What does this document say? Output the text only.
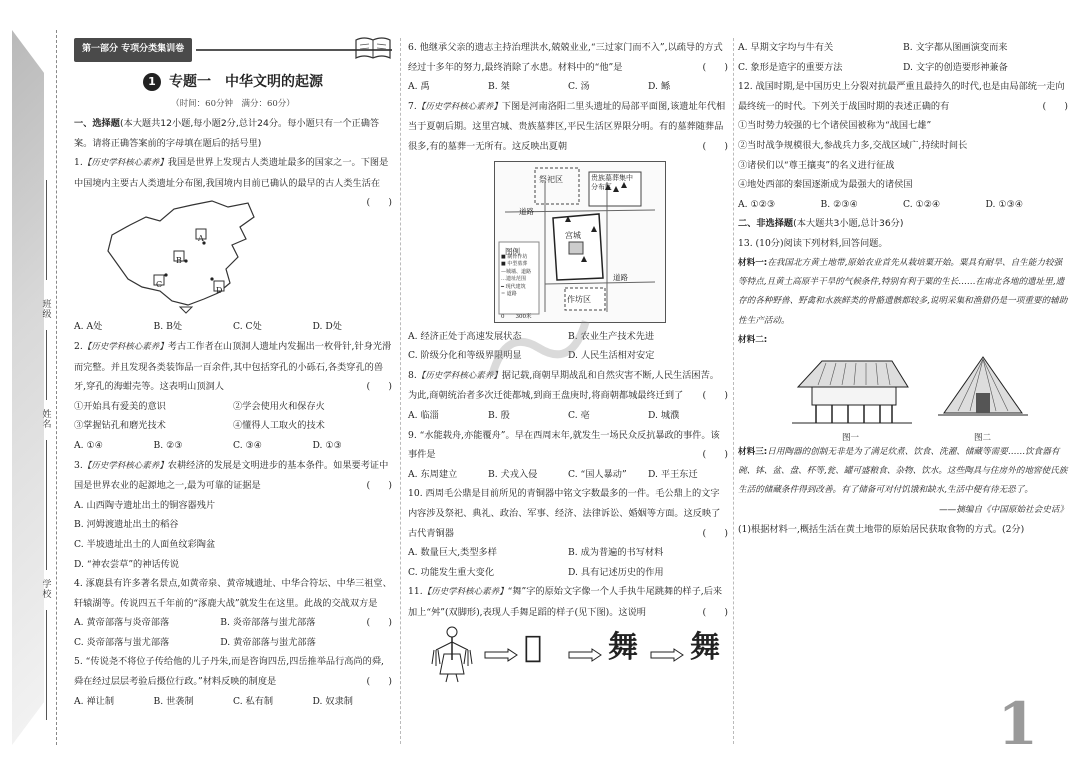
班级
姓名
学校
第一部分 专项分类集训卷
1 专题一　中华文明的起源
（时间：60分钟　满分：60分）

一、选择题(本大题共12小题,每小题2分,总计24分。每小题只有一个正确答案。请将正确答案前的字母填在题后的括号里)

1.【历史学科核心素养】我国是世界上发现古人类遗址最多的国家之一。下图是中国境内主要古人类遗址分布图,我国境内目前已确认的最早的古人类生活在
(　　)

A
B
C
D
A. A处	B. B处	C. C处	D. D处

2.【历史学科核心素养】考古工作者在山顶洞人遗址内发掘出一枚骨针,针身光滑而完整。并且发现各类装饰品一百余件,其中包括穿孔的小砾石,各类穿孔的兽牙,穿孔的海蚶壳等。这表明山顶洞人	(　　)

①开始具有爱美的意识	②学会使用火和保存火
③掌握钻孔和磨光技术	④懂得人工取火的技术
A. ①④	B. ②③	C. ③④	D. ①③

3.【历史学科核心素养】农耕经济的发展是文明进步的基本条件。如果要考证中国是世界农业的起源地之一,最为可靠的证据是	(　　)

A. 山西陶寺遗址出土的铜容器残片

B. 河姆渡遗址出土的稻谷

C. 半坡遗址出土的人面鱼纹彩陶盆

D. “神农尝草”的神话传说

4. 涿鹿县有许多著名景点,如黄帝泉、黄帝城遗址、中华合符坛、中华三祖堂、轩辕湖等。传说四五千年前的“涿鹿大战”就发生在这里。此战的交战双方是
(　　)

A. 黄帝部落与炎帝部落	B. 炎帝部落与蚩尤部落
C. 炎帝部落与蚩尤部落	D. 黄帝部落与蚩尤部落

5. “传说尧不将位子传给他的儿子丹朱,而是咨询四岳,四岳推举品行高尚的舜,舜在经过层层考验后摄位行政。”材料反映的制度是	(　　)

A. 禅让制	B. 世袭制	C. 私有制	D. 奴隶制

6. 他继承父亲的遗志主持治理洪水,兢兢业业,“三过家门而不入”,以疏导的方式经过十多年的努力,最终消除了水患。材料中的“他”是	(　　)

A. 禹	B. 桀	C. 汤	D. 鲧

7.【历史学科核心素养】下图是河南洛阳二里头遗址的局部平面图,该遗址年代相当于夏朝后期。这里宫城、贵族墓葬区,平民生活区界限分明。有的墓葬随葬品很多,有的墓葬一无所有。这反映出夏朝	(　　)

祭祀区	贵族墓葬集中分布区
道路
宫城
道路
作坊区
图例
■ 制骨作坊
■ 中型墓葬
—城墙、道路
…遗址范围
━ 现代建筑
= 道路
0　　300米
A. 经济正处于高速发展状态	B. 农业生产技术先进
C. 阶级分化和等级界限明显	D. 人民生活相对安定

8.【历史学科核心素养】据记载,商朝早期战乱和自然灾害不断,人民生活困苦。为此,商朝统治者多次迁徙都城,到商王盘庚时,将商朝都城最终迁到了 (　　)

A. 临淄	B. 殷	C. 亳	D. 城濮

9. “水能载舟,亦能覆舟”。早在西周末年,就发生一场民众反抗暴政的事件。该事件是	(　　)

A. 东周建立	B. 犬戎入侵	C. “国人暴动”	D. 平王东迁

10. 西周毛公鼎是目前所见的青铜器中铭文字数最多的一件。毛公鼎上的文字内容涉及祭祀、典礼、政治、军事、经济、法律诉讼、婚姻等方面。这反映了古代青铜器	(　　)

A. 数量巨大,类型多样	B. 成为普遍的书写材料
C. 功能发生重大变化	D. 具有记述历史的作用

11.【历史学科核心素养】“舞”字的原始文字像一个人手执牛尾跳舞的样子,后来加上“舛”(双脚形),表现人手舞足蹈的样子(见下图)。这说明	(　　)

𣠮 舞 舞
A. 早期文字均与牛有关	B. 文字都从图画演变而来
C. 象形是造字的重要方法	D. 文字的创造要形神兼备

12. 战国时期,是中国历史上分裂对抗最严重且最持久的时代,也是由局部统一走向最终统一的时代。下列关于战国时期的表述正确的有	(　　)

①当时势力较强的七个诸侯国被称为“战国七雄”

②当时战争规模很大,参战兵力多,交战区域广,持续时间长

③诸侯们以“尊王攘夷”的名义进行征战

④地处西部的秦国逐渐成为最强大的诸侯国

A. ①②③	B. ②③④	C. ①②④	D. ①③④

二、非选择题(本大题共3小题,总计36分)

13. (10分)阅读下列材料,回答问题。

材料一:在我国北方黄土地带,原始农业首先从栽培粟开始。粟具有耐旱、自生能力较强等特点,且黄土高原半干旱的气候条件,特别有利于粟的生长……在南北各地的遗址里,遗存的各种野兽、野禽和水族鲜类的骨骼遗骸都较多,说明采集和渔猎仍是一项重要的辅助性生产活动。

材料二:

图一	图二

材料三:日用陶器的创制无非是为了满足炊煮、饮食、洗濯、储藏等需要……饮食器有碗、钵、盆、盘、杯等,瓮、罐可盛粮食、杂物、饮水。这些陶具与住房外的地窖使氏族生活的储藏条件得到改善。有了储备可对付饥饿和缺水,生活中便有待无恐了。

——摘编自《中国原始社会史话》

(1)根据材料一,概括生活在黄土地带的原始居民获取食物的方式。(2分)

1
